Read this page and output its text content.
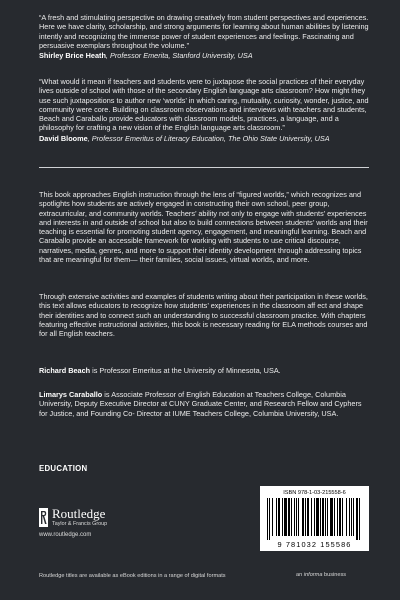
“A fresh and stimulating perspective on drawing creatively from student perspectives and experiences. Here we have clarity, scholarship, and strong arguments for learning about human abilities by listening intently and recognizing the immense power of student experiences and feelings. Fascinating and persuasive exemplars throughout the volume.”

Shirley Brice Heath, Professor Emerita, Stanford University, USA

“What would it mean if teachers and students were to juxtapose the social practices of their everyday lives outside of school with those of the secondary English language arts classroom? How might they use such juxtapositions to author new ‘worlds’ in which caring, mutuality, curiosity, wonder, justice, and community were core. Building on classroom observations and interviews with teachers and students, Beach and Caraballo provide educators with classroom models, practices, a language, and a philosophy for crafting a new vision of the English language arts classroom.”

David Bloome, Professor Emeritus of Literacy Education, The Ohio State University, USA

This book approaches English instruction through the lens of “figured worlds,” which recognizes and spotlights how students are actively engaged in constructing their own school, peer group, extracurricular, and community worlds. Teachers’ ability not only to engage with students’ experiences and interests in and outside of school but also to build connections between students’ worlds and their teaching is essential for promoting student agency, engagement, and meaningful learning. Beach and Caraballo provide an accessible framework for working with students to use critical discourse, narratives, media, genres, and more to support their identity development through addressing topics that are meaningful for them— their families, social issues, virtual worlds, and more.

Through extensive activities and examples of students writing about their participation in these worlds, this text allows educators to recognize how students’ experiences in the classroom aff ect and shape their identities and to connect such an understanding to successful classroom practice. With chapters featuring effective instructional activities, this book is necessary reading for ELA methods courses and for all English teachers.

Richard Beach is Professor Emeritus at the University of Minnesota, USA.

Limarys Caraballo is Associate Professor of English Education at Teachers College, Columbia University, Deputy Executive Director at CUNY Graduate Center, and Research Fellow and Cyphers for Justice, and Founding Co- Director at IUME Teachers College, Columbia University, USA.

EDUCATION
Routledge
Taylor & Francis Group
www.routledge.com
ISBN 978-1-03-215558-6
9 781032 155586
Routledge titles are available as eBook editions in a range of digital formats	an informa business
